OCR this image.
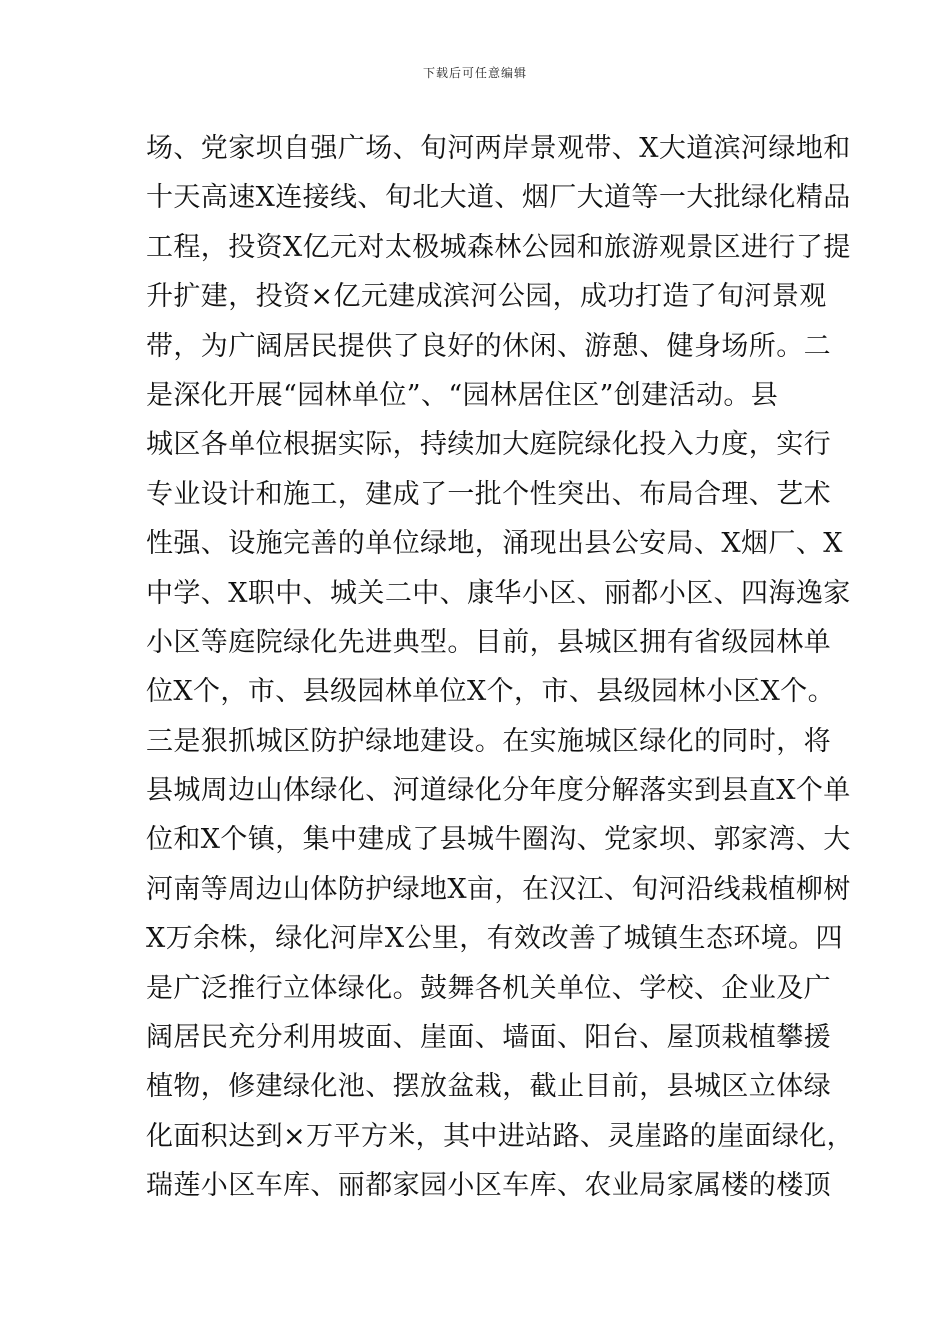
下载后可任意编辑
场、党家坝自强广场、旬河两岸景观带、X大道滨河绿地和
十天高速X连接线、旬北大道、烟厂大道等一大批绿化精品
工程，投资X亿元对太极城森林公园和旅游观景区进行了提
升扩建，投资×亿元建成滨河公园，成功打造了旬河景观
带，为广阔居民提供了良好的休闲、游憩、健身场所。二
是深化开展“园林单位”、“园林居住区”创建活动。县
城区各单位根据实际，持续加大庭院绿化投入力度，实行
专业设计和施工，建成了一批个性突出、布局合理、艺术
性强、设施完善的单位绿地，涌现出县公安局、X烟厂、X
中学、X职中、城关二中、康华小区、丽都小区、四海逸家
小区等庭院绿化先进典型。目前，县城区拥有省级园林单
位X个，市、县级园林单位X个，市、县级园林小区X个。
三是狠抓城区防护绿地建设。在实施城区绿化的同时，将
县城周边山体绿化、河道绿化分年度分解落实到县直X个单
位和X个镇，集中建成了县城牛圈沟、党家坝、郭家湾、大
河南等周边山体防护绿地X亩，在汉江、旬河沿线栽植柳树
X万余株，绿化河岸X公里，有效改善了城镇生态环境。四
是广泛推行立体绿化。鼓舞各机关单位、学校、企业及广
阔居民充分利用坡面、崖面、墙面、阳台、屋顶栽植攀援
植物，修建绿化池、摆放盆栽，截止目前，县城区立体绿
化面积达到×万平方米，其中进站路、灵崖路的崖面绿化，
瑞莲小区车库、丽都家园小区车库、农业局家属楼的楼顶
